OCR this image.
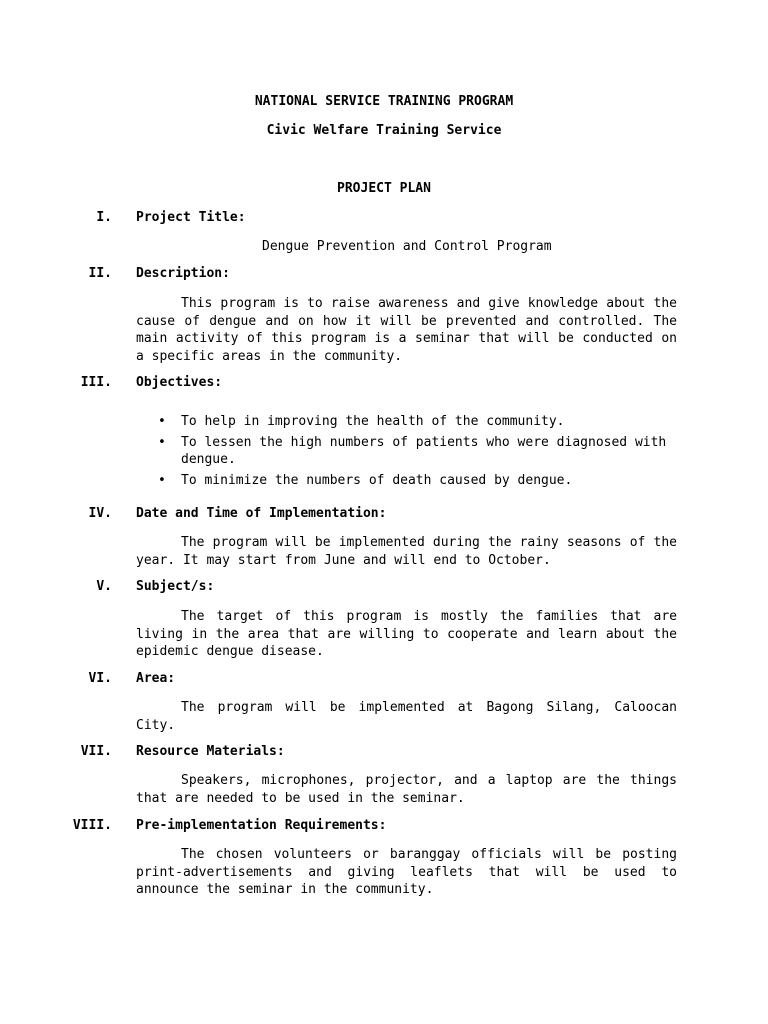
NATIONAL SERVICE TRAINING PROGRAM
Civic Welfare Training Service
PROJECT PLAN
I. Project Title:
Dengue Prevention and Control Program
II. Description:

This program is to raise awareness and give knowledge about the cause of dengue and on how it will be prevented and controlled. The main activity of this program is a seminar that will be conducted on a specific areas in the community.

III. Objectives:
• To help in improving the health of the community.
• To lessen the high numbers of patients who were diagnosed with dengue.
• To minimize the numbers of death caused by dengue.
IV. Date and Time of Implementation:

The program will be implemented during the rainy seasons of the year. It may start from June and will end to October.

V. Subject/s:

The target of this program is mostly the families that are living in the area that are willing to cooperate and learn about the epidemic dengue disease.

VI. Area:

The program will be implemented at Bagong Silang, Caloocan City.

VII. Resource Materials:

Speakers, microphones, projector, and a laptop are the things that are needed to be used in the seminar.

VIII. Pre-implementation Requirements:

The chosen volunteers or baranggay officials will be posting print-advertisements and giving leaflets that will be used to announce the seminar in the community.
